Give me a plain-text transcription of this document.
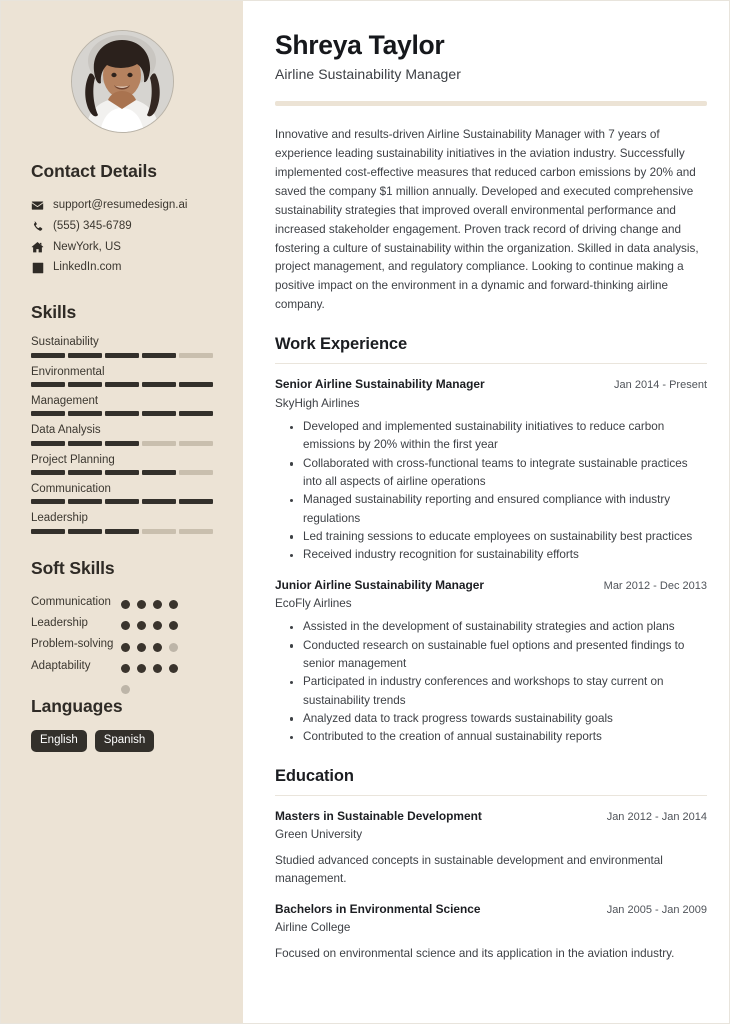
Contact Details
support@resumedesign.ai
(555) 345-6789
NewYork, US
LinkedIn.com
Skills
Sustainability
Environmental
Management
Data Analysis
Project Planning
Communication
Leadership
Soft Skills
Communication
Leadership
Problem-solving
Adaptability
Languages
English	Spanish
Shreya Taylor
Airline Sustainability Manager
Innovative and results-driven Airline Sustainability Manager with 7 years of experience leading sustainability initiatives in the aviation industry. Successfully implemented cost-effective measures that reduced carbon emissions by 20% and saved the company $1 million annually. Developed and executed comprehensive sustainability strategies that improved overall environmental performance and increased stakeholder engagement. Proven track record of driving change and fostering a culture of sustainability within the organization. Skilled in data analysis, project management, and regulatory compliance. Looking to continue making a positive impact on the environment in a dynamic and forward-thinking airline company.
Work Experience
Senior Airline Sustainability Manager	Jan 2014 - Present
SkyHigh Airlines
Developed and implemented sustainability initiatives to reduce carbon emissions by 20% within the first year
Collaborated with cross-functional teams to integrate sustainable practices into all aspects of airline operations
Managed sustainability reporting and ensured compliance with industry regulations
Led training sessions to educate employees on sustainability best practices
Received industry recognition for sustainability efforts
Junior Airline Sustainability Manager	Mar 2012 - Dec 2013
EcoFly Airlines
Assisted in the development of sustainability strategies and action plans
Conducted research on sustainable fuel options and presented findings to senior management
Participated in industry conferences and workshops to stay current on sustainability trends
Analyzed data to track progress towards sustainability goals
Contributed to the creation of annual sustainability reports
Education
Masters in Sustainable Development	Jan 2012 - Jan 2014
Green University
Studied advanced concepts in sustainable development and environmental management.
Bachelors in Environmental Science	Jan 2005 - Jan 2009
Airline College
Focused on environmental science and its application in the aviation industry.
